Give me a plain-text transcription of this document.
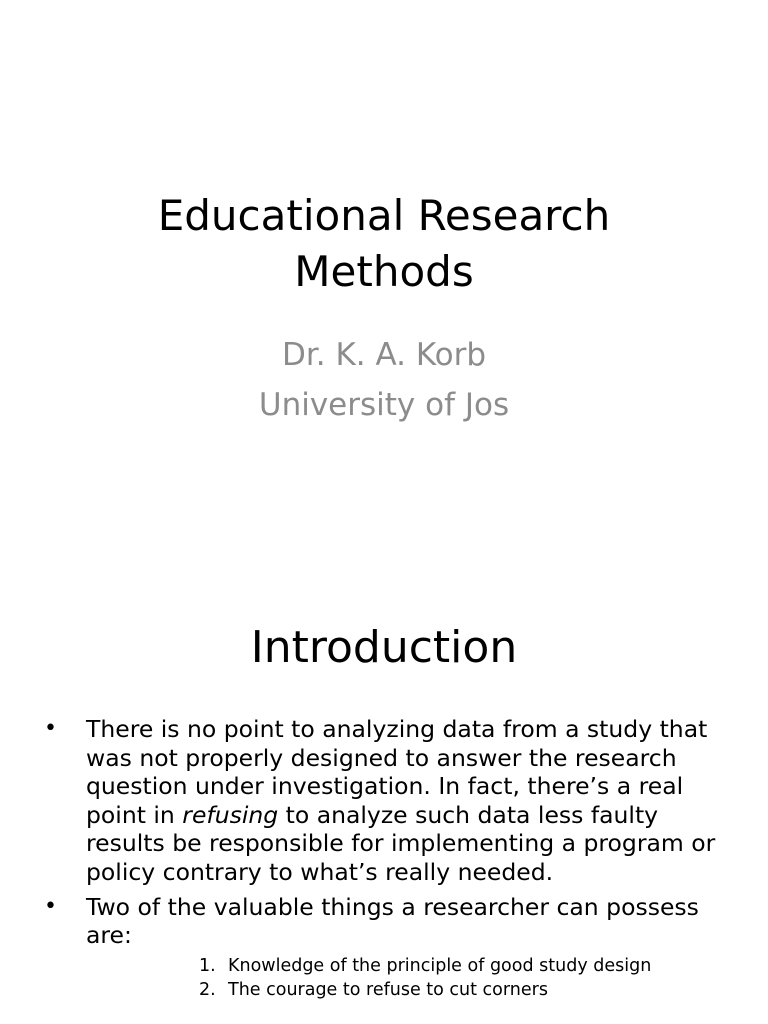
Educational Research
Methods
Dr. K. A. Korb
University of Jos
Introduction
• There is no point to analyzing data from a study that was not properly designed to answer the research question under investigation. In fact, there’s a real point in refusing to analyze such data less faulty results be responsible for implementing a program or policy contrary to what’s really needed.
• Two of the valuable things a researcher can possess are:
1. Knowledge of the principle of good study design
2. The courage to refuse to cut corners
